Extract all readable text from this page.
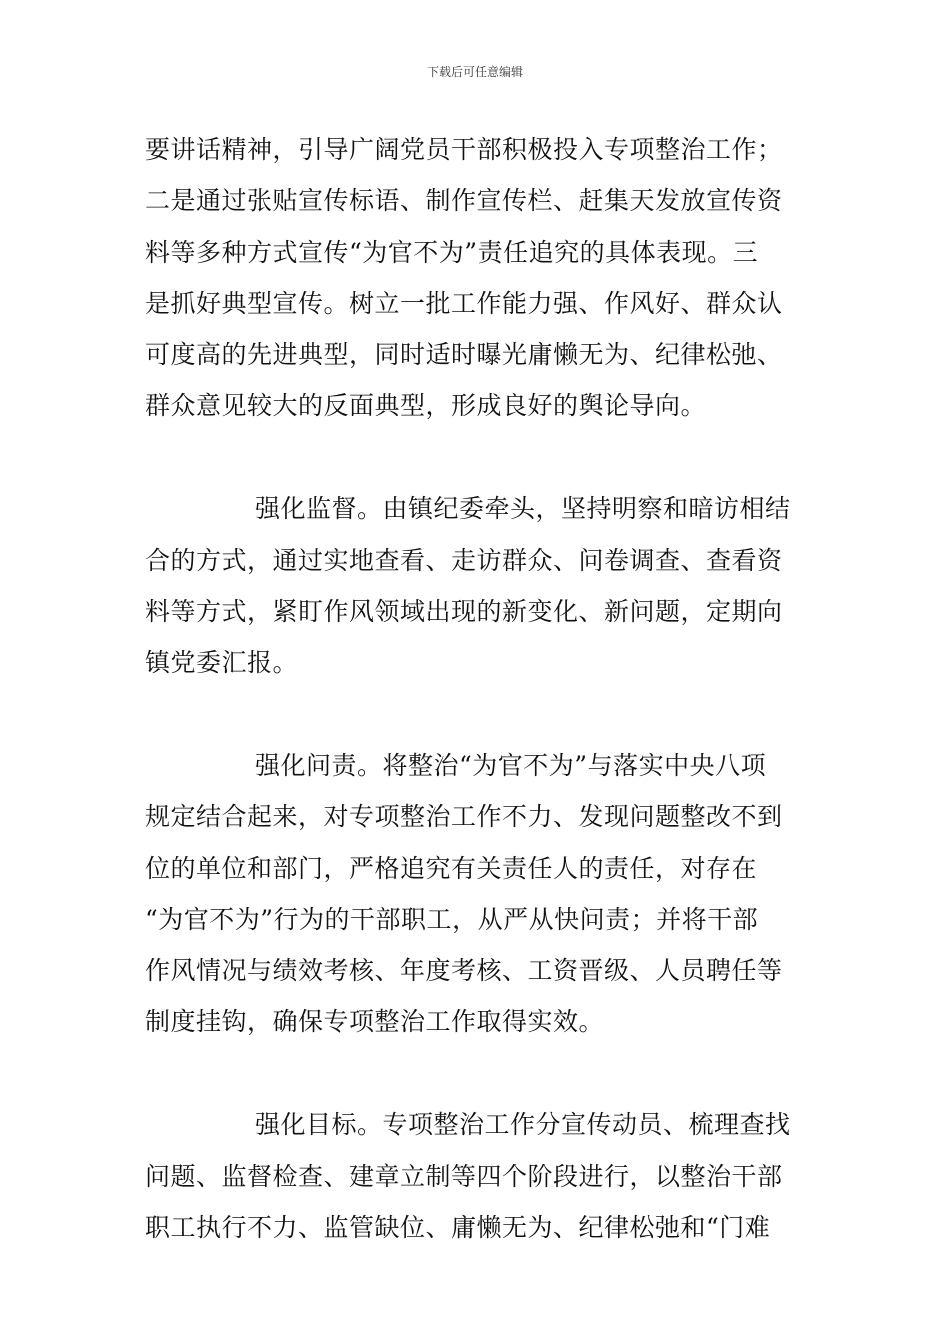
下载后可任意编辑
要讲话精神，引导广阔党员干部积极投入专项整治工作；
二是通过张贴宣传标语、制作宣传栏、赶集天发放宣传资
料等多种方式宣传“为官不为”责任追究的具体表现。三
是抓好典型宣传。树立一批工作能力强、作风好、群众认
可度高的先进典型，同时适时曝光庸懒无为、纪律松弛、
群众意见较大的反面典型，形成良好的舆论导向。
强化监督。由镇纪委牵头，坚持明察和暗访相结
合的方式，通过实地查看、走访群众、问卷调查、查看资
料等方式，紧盯作风领域出现的新变化、新问题，定期向
镇党委汇报。
强化问责。将整治“为官不为”与落实中央八项
规定结合起来，对专项整治工作不力、发现问题整改不到
位的单位和部门，严格追究有关责任人的责任，对存在
“为官不为”行为的干部职工，从严从快问责；并将干部
作风情况与绩效考核、年度考核、工资晋级、人员聘任等
制度挂钩，确保专项整治工作取得实效。
强化目标。专项整治工作分宣传动员、梳理查找
问题、监督检查、建章立制等四个阶段进行，以整治干部
职工执行不力、监管缺位、庸懒无为、纪律松弛和“门难
